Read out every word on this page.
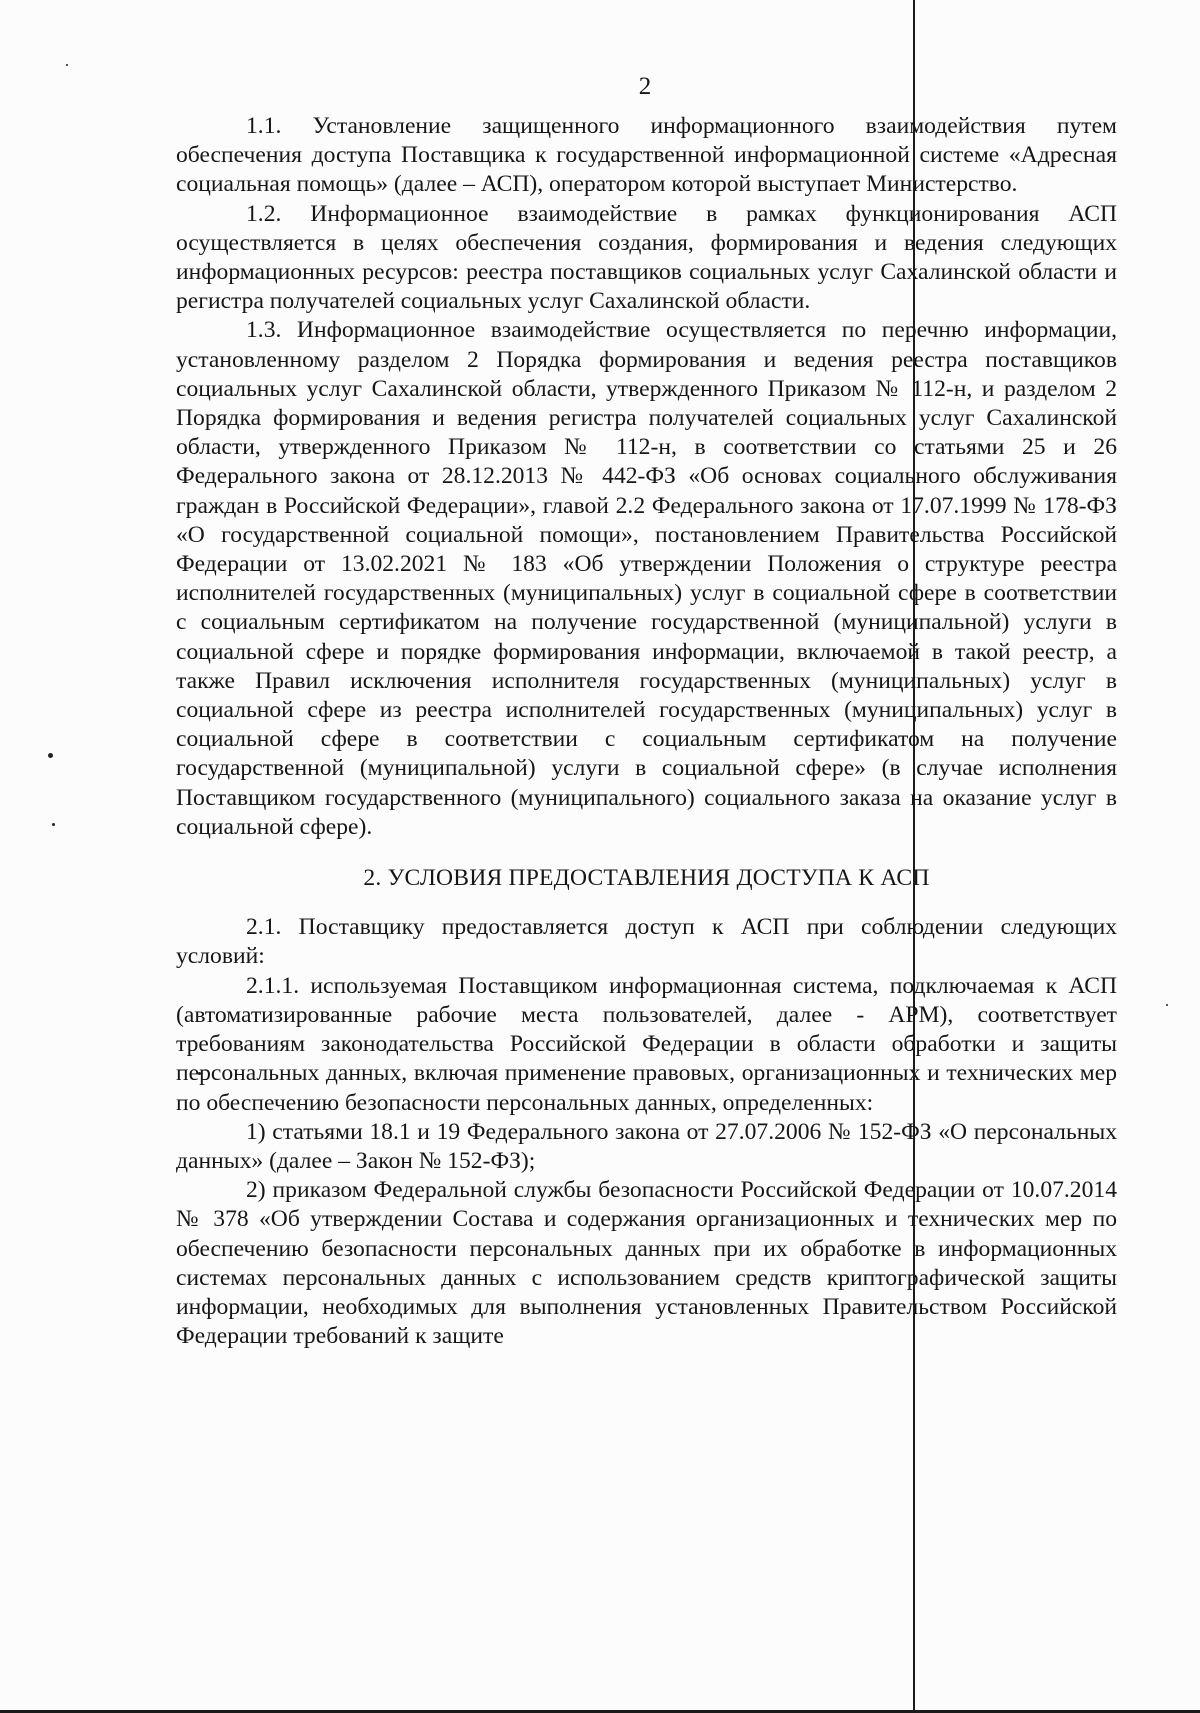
2

1.1. Установление защищенного информационного взаимодействия путем обеспечения доступа Поставщика к государственной информационной системе «Адресная социальная помощь» (далее – АСП), оператором которой выступает Министерство.

1.2. Информационное взаимодействие в рамках функционирования АСП осуществляется в целях обеспечения создания, формирования и ведения следующих информационных ресурсов: реестра поставщиков социальных услуг Сахалинской области и регистра получателей социальных услуг Сахалинской области.

1.3. Информационное взаимодействие осуществляется по перечню информации, установленному разделом 2 Порядка формирования и ведения реестра поставщиков социальных услуг Сахалинской области, утвержденного Приказом № 112-н, и разделом 2 Порядка формирования и ведения регистра получателей социальных услуг Сахалинской области, утвержденного Приказом № 112-н, в соответствии со статьями 25 и 26 Федерального закона от 28.12.2013 № 442-ФЗ «Об основах социального обслуживания граждан в Российской Федерации», главой 2.2 Федерального закона от 17.07.1999 № 178-ФЗ «О государственной социальной помощи», постановлением Правительства Российской Федерации от 13.02.2021 № 183 «Об утверждении Положения о структуре реестра исполнителей государственных (муниципальных) услуг в социальной сфере в соответствии с социальным сертификатом на получение государственной (муниципальной) услуги в социальной сфере и порядке формирования информации, включаемой в такой реестр, а также Правил исключения исполнителя государственных (муниципальных) услуг в социальной сфере из реестра исполнителей государственных (муниципальных) услуг в социальной сфере в соответствии с социальным сертификатом на получение государственной (муниципальной) услуги в социальной сфере» (в случае исполнения Поставщиком государственного (муниципального) социального заказа на оказание услуг в социальной сфере).

2. УСЛОВИЯ ПРЕДОСТАВЛЕНИЯ ДОСТУПА К АСП

2.1. Поставщику предоставляется доступ к АСП при соблюдении следующих условий:

2.1.1. используемая Поставщиком информационная система, подключаемая к АСП (автоматизированные рабочие места пользователей, далее - АРМ), соответствует требованиям законодательства Российской Федерации в области обработки и защиты персональных данных, включая применение правовых, организационных и технических мер по обеспечению безопасности персональных данных, определенных:

1) статьями 18.1 и 19 Федерального закона от 27.07.2006 № 152-ФЗ «О персональных данных» (далее – Закон № 152-ФЗ);

2) приказом Федеральной службы безопасности Российской Федерации от 10.07.2014 № 378 «Об утверждении Состава и содержания организационных и технических мер по обеспечению безопасности персональных данных при их обработке в информационных системах персональных данных с использованием средств криптографической защиты информации, необходимых для выполнения установленных Правительством Российской Федерации требований к защите
